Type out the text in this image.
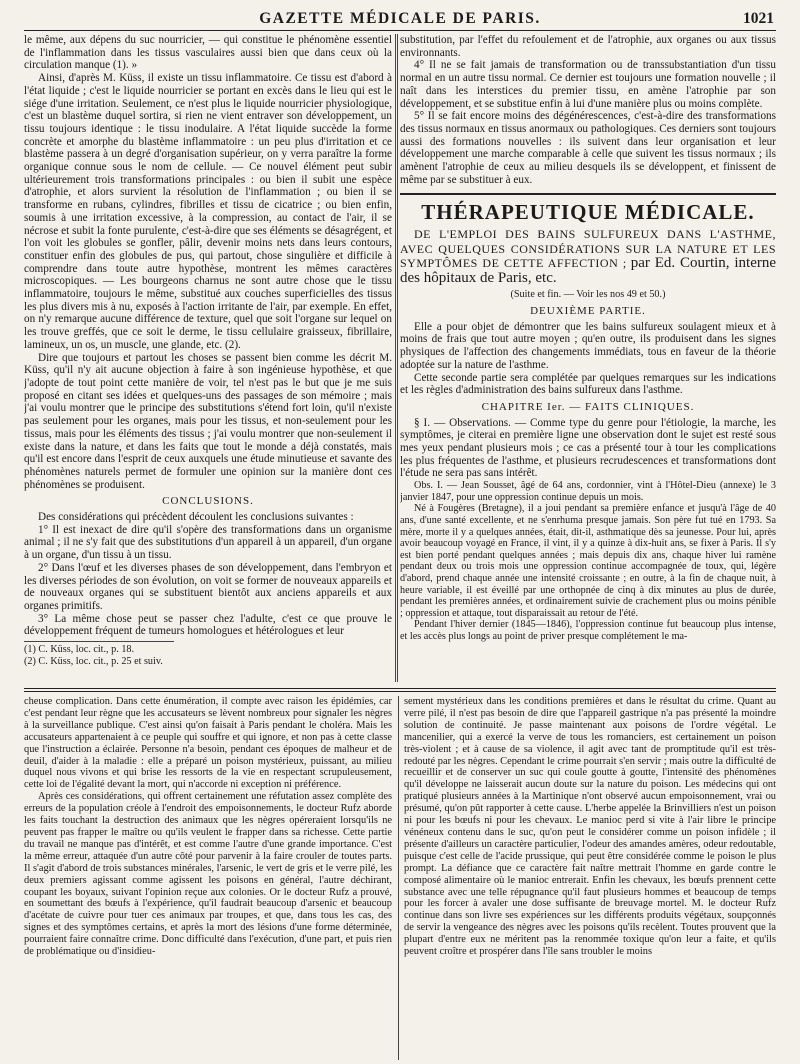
GAZETTE MÉDICALE DE PARIS.	1021

le même, aux dépens du suc nourricier, — qui constitue le phénomène essentiel de l'inflammation dans les tissus vasculaires aussi bien que dans ceux où la circulation manque (1). »

Ainsi, d'après M. Küss, il existe un tissu inflammatoire. Ce tissu est d'abord à l'état liquide ; c'est le liquide nourricier se portant en excès dans le lieu qui est le siége d'une irritation. Seulement, ce n'est plus le liquide nourricier physiologique, c'est un blastème duquel sortira, si rien ne vient entraver son développement, un tissu toujours identique : le tissu inodulaire. A l'état liquide succède la forme concrète et amorphe du blastème inflammatoire : un peu plus d'irritation et ce blastème passera à un degré d'organisation supérieur, on y verra paraître la forme organique connue sous le nom de cellule. — Ce nouvel élément peut subir ultérieurement trois transformations principales : ou bien il subit une espèce d'atrophie, et alors survient la résolution de l'inflammation ; ou bien il se transforme en rubans, cylindres, fibrilles et tissu de cicatrice ; ou bien enfin, soumis à une irritation excessive, à la compression, au contact de l'air, il se nécrose et subit la fonte purulente, c'est-à-dire que ses éléments se désagrégent, et l'on voit les globules se gonfler, pâlir, devenir moins nets dans leurs contours, constituer enfin des globules de pus, qui partout, chose singulière et difficile à comprendre dans toute autre hypothèse, montrent les mêmes caractères microscopiques. — Les bourgeons charnus ne sont autre chose que le tissu inflammatoire, toujours le même, substitué aux couches superficielles des tissus les plus divers mis à nu, exposés à l'action irritante de l'air, par exemple. En effet, on n'y remarque aucune différence de texture, quel que soit l'organe sur lequel on les trouve greffés, que ce soit le derme, le tissu cellulaire graisseux, fibrillaire, lamineux, un os, un muscle, une glande, etc. (2).

Dire que toujours et partout les choses se passent bien comme les décrit M. Küss, qu'il n'y ait aucune objection à faire à son ingénieuse hypothèse, et que j'adopte de tout point cette manière de voir, tel n'est pas le but que je me suis proposé en citant ses idées et quelques-uns des passages de son mémoire ; mais j'ai voulu montrer que le principe des substitutions s'étend fort loin, qu'il n'existe pas seulement pour les organes, mais pour les tissus, et non-seulement pour les tissus, mais pour les éléments des tissus ; j'ai voulu montrer que non-seulement il existe dans la nature, et dans les faits que tout le monde a déjà constatés, mais qu'il est encore dans l'esprit de ceux auxquels une étude minutieuse et savante des phénomènes naturels permet de formuler une opinion sur la manière dont ces phénomènes se produisent.

CONCLUSIONS.

Des considérations qui précèdent découlent les conclusions suivantes :

1° Il est inexact de dire qu'il s'opère des transformations dans un organisme animal ; il ne s'y fait que des substitutions d'un appareil à un appareil, d'un organe à un organe, d'un tissu à un tissu.

2° Dans l'œuf et les diverses phases de son développement, dans l'embryon et les diverses périodes de son évolution, on voit se former de nouveaux appareils et de nouveaux organes qui se substituent bientôt aux anciens appareils et aux organes primitifs.

3° La même chose peut se passer chez l'adulte, c'est ce que prouve le développement fréquent de tumeurs homologues et hétérologues et leur

(1) C. Küss, loc. cit., p. 18.

(2) C. Küss, loc. cit., p. 25 et suiv.

substitution, par l'effet du refoulement et de l'atrophie, aux organes ou aux tissus environnants.

4° Il ne se fait jamais de transformation ou de transsubstantiation d'un tissu normal en un autre tissu normal. Ce dernier est toujours une formation nouvelle ; il naît dans les interstices du premier tissu, en amène l'atrophie par son développement, et se substitue enfin à lui d'une manière plus ou moins complète.

5° Il se fait encore moins des dégénérescences, c'est-à-dire des transformations des tissus normaux en tissus anormaux ou pathologiques. Ces derniers sont toujours aussi des formations nouvelles : ils suivent dans leur organisation et leur développement une marche comparable à celle que suivent les tissus normaux ; ils amènent l'atrophie de ceux au milieu desquels ils se développent, et finissent de même par se substituer à eux.

THÉRAPEUTIQUE MÉDICALE.

DE L'EMPLOI DES BAINS SULFUREUX DANS L'ASTHME, AVEC QUELQUES CONSIDÉRATIONS SUR LA NATURE ET LES SYMPTÔMES DE CETTE AFFECTION ; par Ed. Courtin, interne des hôpitaux de Paris, etc.

(Suite et fin. — Voir les nos 49 et 50.)

DEUXIÈME PARTIE.

Elle a pour objet de démontrer que les bains sulfureux soulagent mieux et à moins de frais que tout autre moyen ; qu'en outre, ils produisent dans les signes physiques de l'affection des changements immédiats, tous en faveur de la théorie adoptée sur la nature de l'asthme.

Cette seconde partie sera complétée par quelques remarques sur les indications et les règles d'administration des bains sulfureux dans l'asthme.

CHAPITRE Ier. — FAITS CLINIQUES.

§ I. — Observations. — Comme type du genre pour l'étiologie, la marche, les symptômes, je citerai en première ligne une observation dont le sujet est resté sous mes yeux pendant plusieurs mois ; ce cas a présenté tour à tour les complications les plus fréquentes de l'asthme, et plusieurs recrudescences et transformations dont l'étude ne sera pas sans intérêt.

Obs. I. — Jean Sousset, âgé de 64 ans, cordonnier, vint à l'Hôtel-Dieu (annexe) le 3 janvier 1847, pour une oppression continue depuis un mois.

Né à Fougères (Bretagne), il a joui pendant sa première enfance et jusqu'à l'âge de 40 ans, d'une santé excellente, et ne s'enrhuma presque jamais. Son père fut tué en 1793. Sa mère, morte il y a quelques années, était, dit-il, asthmatique dès sa jeunesse. Pour lui, après avoir beaucoup voyagé en France, il vint, il y a quinze à dix-huit ans, se fixer à Paris. Il s'y est bien porté pendant quelques années ; mais depuis dix ans, chaque hiver lui ramène pendant deux ou trois mois une oppression continue accompagnée de toux, qui, légère d'abord, prend chaque année une intensité croissante ; en outre, à la fin de chaque nuit, à heure variable, il est éveillé par une orthopnée de cinq à dix minutes au plus de durée, pendant les premières années, et ordinairement suivie de crachement plus ou moins pénible ; oppression et attaque, tout disparaissait au retour de l'été.

Pendant l'hiver dernier (1845—1846), l'oppression continue fut beaucoup plus intense, et les accès plus longs au point de priver presque complétement le ma-

cheuse complication. Dans cette énumération, il compte avec raison les épidémies, car c'est pendant leur règne que les accusateurs se lèvent nombreux pour signaler les nègres à la surveillance publique. C'est ainsi qu'on faisait à Paris pendant le choléra. Mais les accusateurs appartenaient à ce peuple qui souffre et qui ignore, et non pas à cette classe que l'instruction a éclairée. Personne n'a besoin, pendant ces époques de malheur et de deuil, d'aider à la maladie : elle a préparé un poison mystérieux, puissant, au milieu duquel nous vivons et qui brise les ressorts de la vie en respectant scrupuleusement, cette loi de l'égalité devant la mort, qui n'accorde ni exception ni préférence.

Après ces considérations, qui offrent certainement une réfutation assez complète des erreurs de la population créole à l'endroit des empoisonnements, le docteur Rufz aborde les faits touchant la destruction des animaux que les nègres opéreraient lorsqu'ils ne peuvent pas frapper le maître ou qu'ils veulent le frapper dans sa richesse. Cette partie du travail ne manque pas d'intérêt, et est comme l'autre d'une grande importance. C'est la même erreur, attaquée d'un autre côté pour parvenir à la faire crouler de toutes parts. Il s'agit d'abord de trois substances minérales, l'arsenic, le vert de gris et le verre pilé, les deux premiers agissant comme agissent les poisons en général, l'autre déchirant, coupant les boyaux, suivant l'opinion reçue aux colonies. Or le docteur Rufz a prouvé, en soumettant des bœufs à l'expérience, qu'il faudrait beaucoup d'arsenic et beaucoup d'acétate de cuivre pour tuer ces animaux par troupes, et que, dans tous les cas, des signes et des symptômes certains, et après la mort des lésions d'une forme déterminée, pourraient faire connaître crime. Donc difficulté dans l'exécution, d'une part, et puis rien de problématique ou d'insidieu-

sement mystérieux dans les conditions premières et dans le résultat du crime. Quant au verre pilé, il n'est pas besoin de dire que l'appareil gastrique n'a pas présenté la moindre solution de continuité. Je passe maintenant aux poisons de l'ordre végétal. Le mancenilier, qui a exercé la verve de tous les romanciers, est certainement un poison très-violent ; et à cause de sa violence, il agit avec tant de promptitude qu'il est très-redouté par les nègres. Cependant le crime pourrait s'en servir ; mais outre la difficulté de recueillir et de conserver un suc qui coule goutte à goutte, l'intensité des phénomènes qu'il développe ne laisserait aucun doute sur la nature du poison. Les médecins qui ont pratiqué plusieurs années à la Martinique n'ont observé aucun empoisonnement, vrai ou présumé, qu'on pût rapporter à cette cause. L'herbe appelée la Brinvilliers n'est un poison ni pour les bœufs ni pour les chevaux. Le manioc perd si vite à l'air libre le principe vénéneux contenu dans le suc, qu'on peut le considérer comme un poison infidèle ; il présente d'ailleurs un caractère particulier, l'odeur des amandes amères, odeur redoutable, puisque c'est celle de l'acide prussique, qui peut être considérée comme le poison le plus prompt. La défiance que ce caractère fait naître mettrait l'homme en garde contre le composé alimentaire où le manioc entrerait. Enfin les chevaux, les bœufs prennent cette substance avec une telle répugnance qu'il faut plusieurs hommes et beaucoup de temps pour les forcer à avaler une dose suffisante de breuvage mortel. M. le docteur Rufz continue dans son livre ses expériences sur les différents produits végétaux, soupçonnés de servir la vengeance des nègres avec les poisons qu'ils recèlent. Toutes prouvent que la plupart d'entre eux ne méritent pas la renommée toxique qu'on leur a faite, et qu'ils peuvent croître et prospérer dans l'île sans troubler le moins
